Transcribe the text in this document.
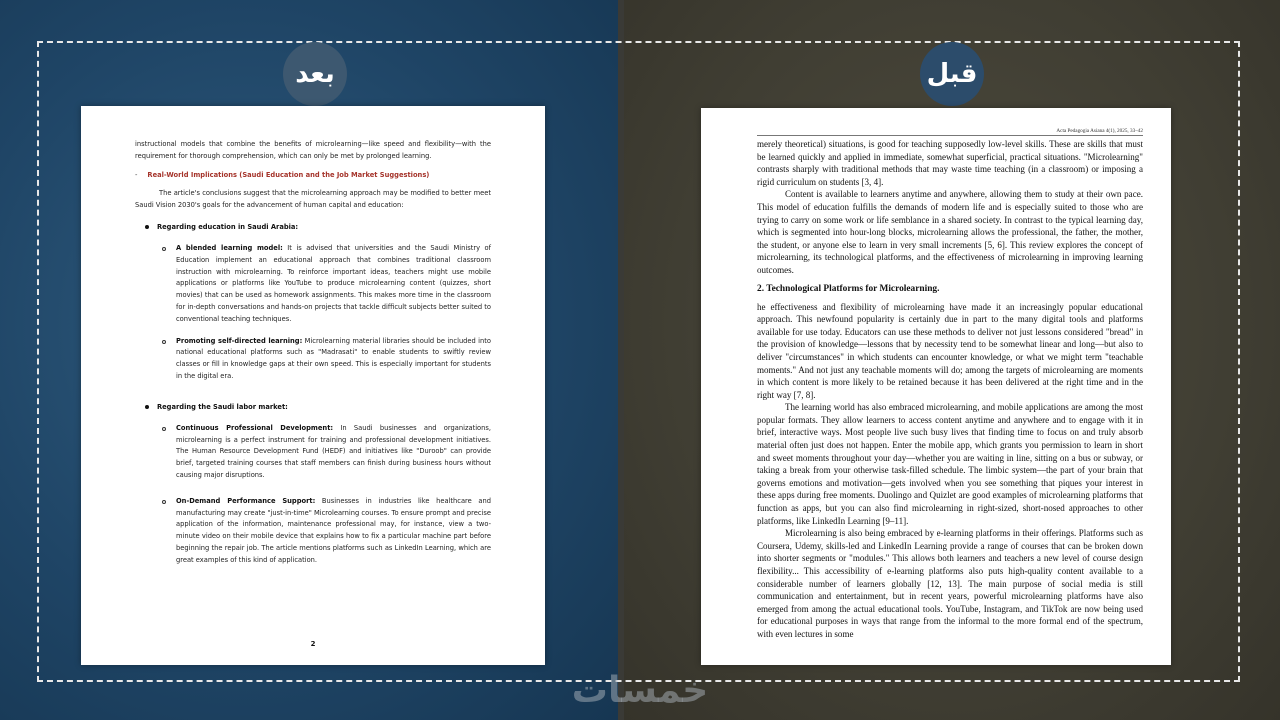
بعد	قبل

instructional models that combine the benefits of microlearning—like speed and flexibility—with the requirement for thorough comprehension, which can only be met by prolonged learning.

- Real-World Implications (Saudi Education and the Job Market Suggestions)

The article's conclusions suggest that the microlearning approach may be modified to better meet Saudi Vision 2030's goals for the advancement of human capital and education:

Regarding education in Saudi Arabia:

A blended learning model: It is advised that universities and the Saudi Ministry of Education implement an educational approach that combines traditional classroom instruction with microlearning. To reinforce important ideas, teachers might use mobile applications or platforms like YouTube to produce microlearning content (quizzes, short movies) that can be used as homework assignments. This makes more time in the classroom for in-depth conversations and hands-on projects that tackle difficult subjects better suited to conventional teaching techniques.

Promoting self-directed learning: Microlearning material libraries should be included into national educational platforms such as "Madrasati" to enable students to swiftly review classes or fill in knowledge gaps at their own speed. This is especially important for students in the digital era.

Regarding the Saudi labor market:

Continuous Professional Development: In Saudi businesses and organizations, microlearning is a perfect instrument for training and professional development initiatives. The Human Resource Development Fund (HEDF) and initiatives like "Duroob" can provide brief, targeted training courses that staff members can finish during business hours without causing major disruptions.

On-Demand Performance Support: Businesses in industries like healthcare and manufacturing may create "just-in-time" Microlearning courses. To ensure prompt and precise application of the information, maintenance professional may, for instance, view a two-minute video on their mobile device that explains how to fix a particular machine part before beginning the repair job. The article mentions platforms such as LinkedIn Learning, which are great examples of this kind of application.

2
Acta Pedagogia Asiana 4(1), 2025, 33–42

merely theoretical) situations, is good for teaching supposedly low-level skills. These are skills that must be learned quickly and applied in immediate, somewhat superficial, practical situations. "Microlearning" contrasts sharply with traditional methods that may waste time teaching (in a classroom) or imposing a rigid curriculum on students [3, 4].

Content is available to learners anytime and anywhere, allowing them to study at their own pace. This model of education fulfills the demands of modern life and is especially suited to those who are trying to carry on some work or life semblance in a shared society. In contrast to the typical learning day, which is segmented into hour-long blocks, microlearning allows the professional, the father, the mother, the student, or anyone else to learn in very small increments [5, 6]. This review explores the concept of microlearning, its technological platforms, and the effectiveness of microlearning in improving learning outcomes.

2. Technological Platforms for Microlearning.

he effectiveness and flexibility of microlearning have made it an increasingly popular educational approach. This newfound popularity is certainly due in part to the many digital tools and platforms available for use today. Educators can use these methods to deliver not just lessons considered "bread" in the provision of knowledge—lessons that by necessity tend to be somewhat linear and long—but also to deliver "circumstances" in which students can encounter knowledge, or what we might term "teachable moments." And not just any teachable moments will do; among the targets of microlearning are moments in which content is more likely to be retained because it has been delivered at the right time and in the right way [7, 8].

The learning world has also embraced microlearning, and mobile applications are among the most popular formats. They allow learners to access content anytime and anywhere and to engage with it in brief, interactive ways. Most people live such busy lives that finding time to focus on and truly absorb material often just does not happen. Enter the mobile app, which grants you permission to learn in short and sweet moments throughout your day—whether you are waiting in line, sitting on a bus or subway, or taking a break from your otherwise task-filled schedule. The limbic system—the part of your brain that governs emotions and motivation—gets involved when you see something that piques your interest in these apps during free moments. Duolingo and Quizlet are good examples of microlearning platforms that function as apps, but you can also find microlearning in right-sized, short-nosed approaches to other platforms, like LinkedIn Learning [9–11].

Microlearning is also being embraced by e-learning platforms in their offerings. Platforms such as Coursera, Udemy, skills-led and LinkedIn Learning provide a range of courses that can be broken down into shorter segments or "modules." This allows both learners and teachers a new level of course design flexibility... This accessibility of e-learning platforms also puts high-quality content available to a considerable number of learners globally [12, 13]. The main purpose of social media is still communication and entertainment, but in recent years, powerful microlearning platforms have also emerged from among the actual educational tools. YouTube, Instagram, and TikTok are now being used for educational purposes in ways that range from the informal to the more formal end of the spectrum, with even lectures in some

خمسات
